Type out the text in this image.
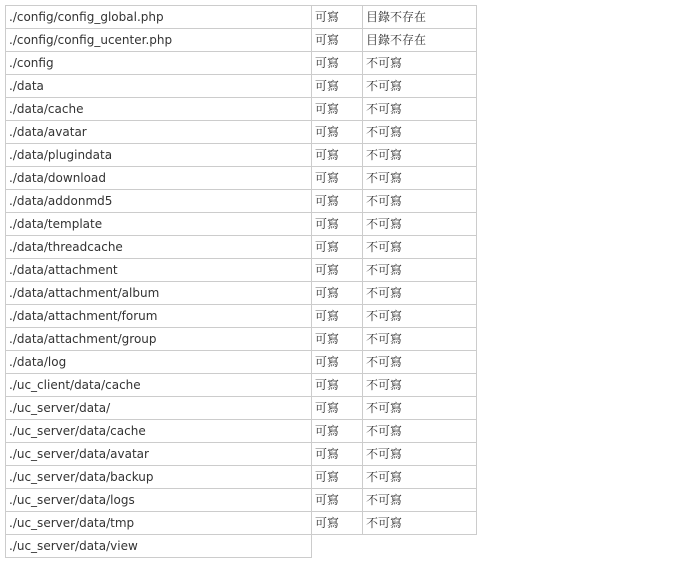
./config/config_global.php	可寫	目錄不存在
./config/config_ucenter.php	可寫	目錄不存在
./config	可寫	不可寫
./data	可寫	不可寫
./data/cache	可寫	不可寫
./data/avatar	可寫	不可寫
./data/plugindata	可寫	不可寫
./data/download	可寫	不可寫
./data/addonmd5	可寫	不可寫
./data/template	可寫	不可寫
./data/threadcache	可寫	不可寫
./data/attachment	可寫	不可寫
./data/attachment/album	可寫	不可寫
./data/attachment/forum	可寫	不可寫
./data/attachment/group	可寫	不可寫
./data/log	可寫	不可寫
./uc_client/data/cache	可寫	不可寫
./uc_server/data/	可寫	不可寫
./uc_server/data/cache	可寫	不可寫
./uc_server/data/avatar	可寫	不可寫
./uc_server/data/backup	可寫	不可寫
./uc_server/data/logs	可寫	不可寫
./uc_server/data/tmp	可寫	不可寫
./uc_server/data/view		
